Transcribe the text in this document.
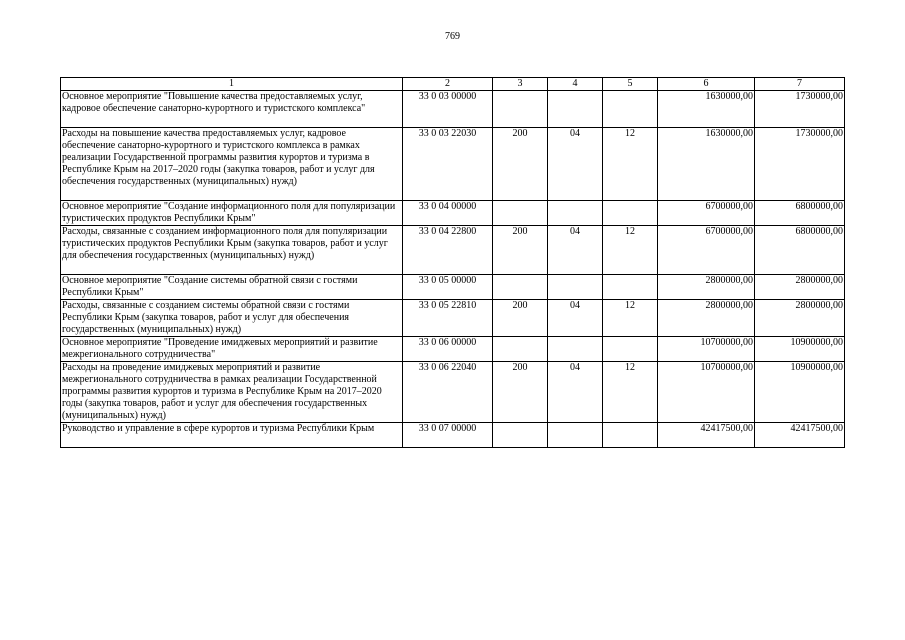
769
1	2	3	4	5	6	7
Основное мероприятие "Повышение качества предоставляемых услуг, кадровое обеспечение санаторно-курортного и туристского комплекса"	33 0 03 00000				1630000,00	1730000,00
Расходы на повышение качества предоставляемых услуг, кадровое обеспечение санаторно-курортного и туристского комплекса в рамках реализации Государственной программы развития курортов и туризма в Республике Крым на 2017–2020 годы (закупка товаров, работ и услуг для обеспечения государственных (муниципальных) нужд)	33 0 03 22030	200	04	12	1630000,00	1730000,00
Основное мероприятие "Создание информационного поля для популяризации туристических продуктов Республики Крым"	33 0 04 00000				6700000,00	6800000,00
Расходы, связанные с созданием информационного поля для популяризации туристических продуктов Республики Крым (закупка товаров, работ и услуг для обеспечения государственных (муниципальных) нужд)	33 0 04 22800	200	04	12	6700000,00	6800000,00
Основное мероприятие "Создание системы обратной связи с гостями Республики Крым"	33 0 05 00000				2800000,00	2800000,00
Расходы, связанные с созданием системы обратной связи с гостями Республики Крым (закупка товаров, работ и услуг для обеспечения государственных (муниципальных) нужд)	33 0 05 22810	200	04	12	2800000,00	2800000,00
Основное мероприятие "Проведение имиджевых мероприятий и развитие межрегионального сотрудничества"	33 0 06 00000				10700000,00	10900000,00
Расходы на проведение имиджевых мероприятий и развитие межрегионального сотрудничества в рамках реализации Государственной программы развития курортов и туризма в Республике Крым на 2017–2020 годы (закупка товаров, работ и услуг для обеспечения государственных (муниципальных) нужд)	33 0 06 22040	200	04	12	10700000,00	10900000,00
Руководство и управление в сфере курортов и туризма Республики Крым	33 0 07 00000				42417500,00	42417500,00
